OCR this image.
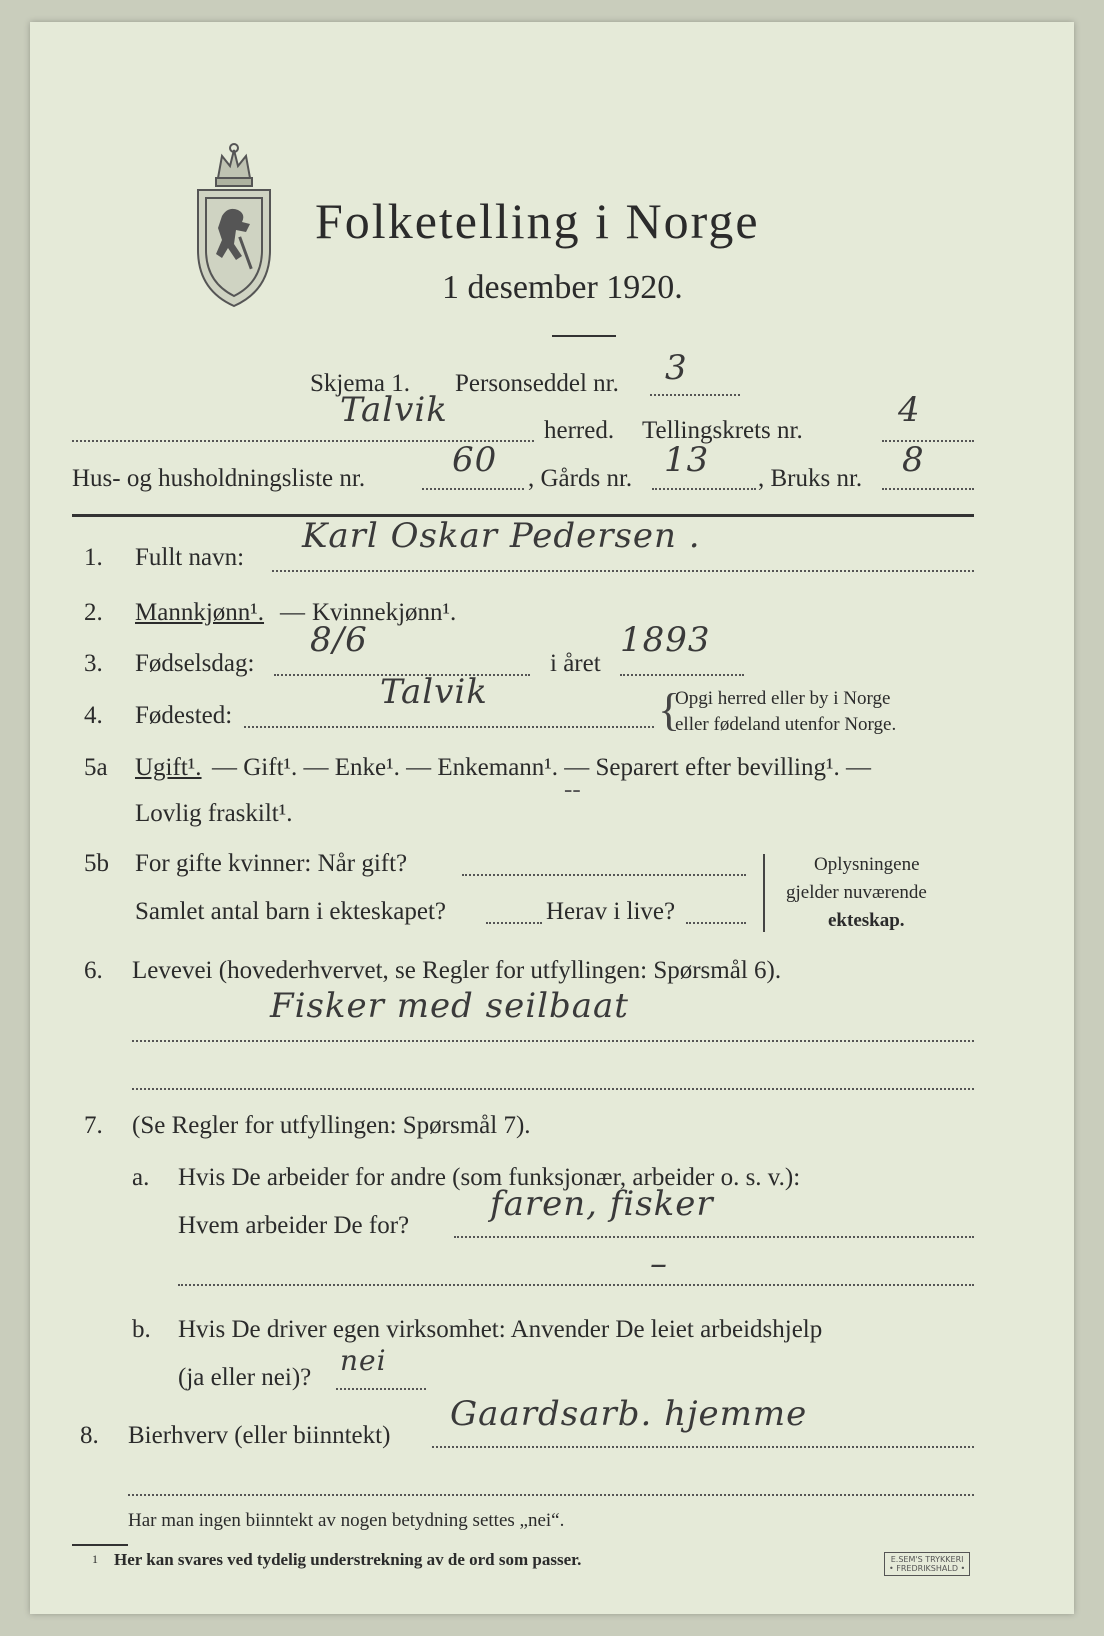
Folketelling i Norge
1 desember 1920.
Skjema 1. Personseddel nr. 3
Talvik
herred. Tellingskrets nr.
4
Hus- og husholdningsliste nr.	60 , Gårds nr. 13 , Bruks nr. 8
1. Fullt navn:
Karl Oskar Pedersen .
2. Mannkjønn¹. — Kvinnekjønn¹.
3. Fødselsdag:
8/6
i året
1893
4. Fødested:
Talvik	{
Opgi herred eller by i Norge
eller fødeland utenfor Norge.
5a Ugift¹. — Gift¹. — Enke¹. — Enkemann¹. — Separert efter bevilling¹. —
Lovlig fraskilt¹.
--
5b For gifte kvinner: Når gift?
Samlet antal barn i ekteskapet?	Herav i live?
Oplysningene
gjelder nuværende
ekteskap.
6. Levevei (hovederhvervet, se Regler for utfyllingen: Spørsmål 6).
Fisker med seilbaat
7. (Se Regler for utfyllingen: Spørsmål 7).
a. Hvis De arbeider for andre (som funksjonær, arbeider o. s. v.):
Hvem arbeider De for?
faren, fisker
–
b. Hvis De driver egen virksomhet: Anvender De leiet arbeidshjelp
(ja eller nei)?
nei
8. Bierhverv (eller biinntekt)
Gaardsarb. hjemme
Har man ingen biinntekt av nogen betydning settes „nei“.
1 Her kan svares ved tydelig understrekning av de ord som passer.	E.SEM'S TRYKKERI
• FREDRIKSHALD •
